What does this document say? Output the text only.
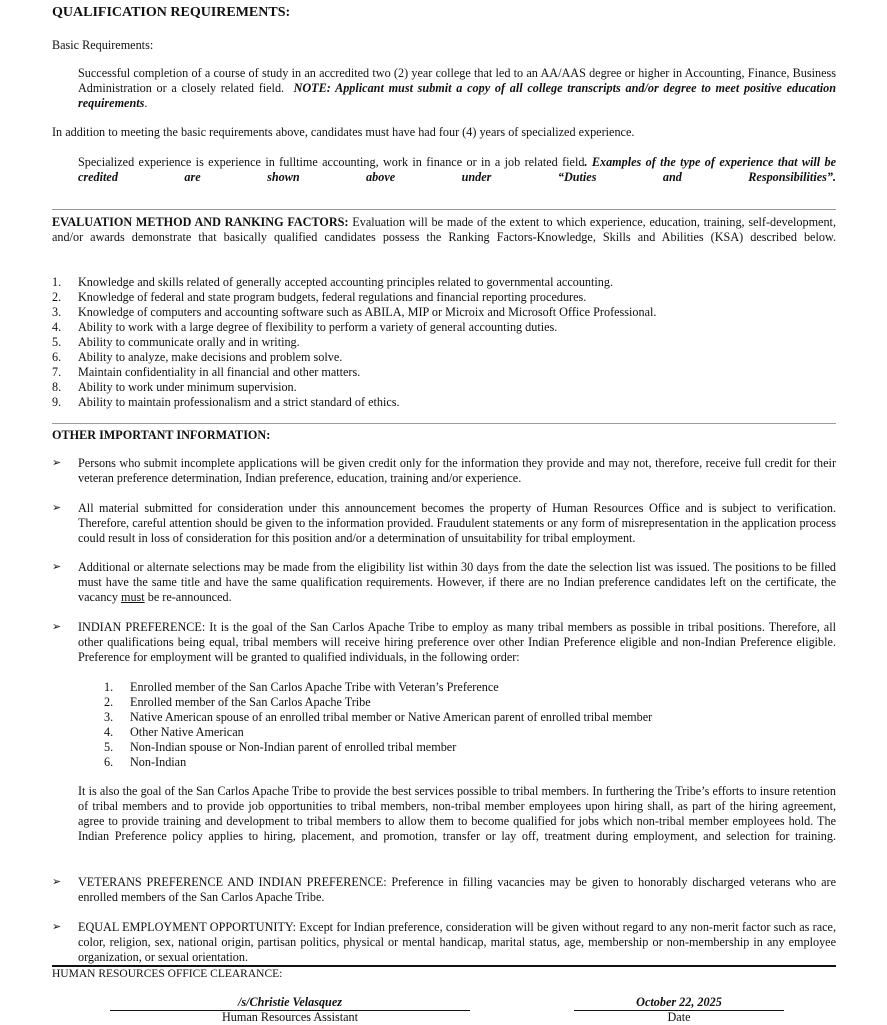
QUALIFICATION REQUIREMENTS:
Basic Requirements:
Successful completion of a course of study in an accredited two (2) year college that led to an AA/AAS degree or higher in Accounting, Finance, Business Administration or a closely related field. NOTE: Applicant must submit a copy of all college transcripts and/or degree to meet positive education requirements.
In addition to meeting the basic requirements above, candidates must have had four (4) years of specialized experience.
Specialized experience is experience in fulltime accounting, work in finance or in a job related field. Examples of the type of experience that will be credited are shown above under “Duties and Responsibilities”.
EVALUATION METHOD AND RANKING FACTORS: Evaluation will be made of the extent to which experience, education, training, self-development, and/or awards demonstrate that basically qualified candidates possess the Ranking Factors-Knowledge, Skills and Abilities (KSA) described below.
1. Knowledge and skills related of generally accepted accounting principles related to governmental accounting.
2. Knowledge of federal and state program budgets, federal regulations and financial reporting procedures.
3. Knowledge of computers and accounting software such as ABILA, MIP or Microix and Microsoft Office Professional.
4. Ability to work with a large degree of flexibility to perform a variety of general accounting duties.
5. Ability to communicate orally and in writing.
6. Ability to analyze, make decisions and problem solve.
7. Maintain confidentiality in all financial and other matters.
8. Ability to work under minimum supervision.
9. Ability to maintain professionalism and a strict standard of ethics.
OTHER IMPORTANT INFORMATION:
➢ Persons who submit incomplete applications will be given credit only for the information they provide and may not, therefore, receive full credit for their veteran preference determination, Indian preference, education, training and/or experience.
➢ All material submitted for consideration under this announcement becomes the property of Human Resources Office and is subject to verification. Therefore, careful attention should be given to the information provided. Fraudulent statements or any form of misrepresentation in the application process could result in loss of consideration for this position and/or a determination of unsuitability for tribal employment.
➢ Additional or alternate selections may be made from the eligibility list within 30 days from the date the selection list was issued. The positions to be filled must have the same title and have the same qualification requirements. However, if there are no Indian preference candidates left on the certificate, the vacancy must be re-announced.
➢ INDIAN PREFERENCE: It is the goal of the San Carlos Apache Tribe to employ as many tribal members as possible in tribal positions. Therefore, all other qualifications being equal, tribal members will receive hiring preference over other Indian Preference eligible and non-Indian Preference eligible. Preference for employment will be granted to qualified individuals, in the following order:
1. Enrolled member of the San Carlos Apache Tribe with Veteran’s Preference
2. Enrolled member of the San Carlos Apache Tribe
3. Native American spouse of an enrolled tribal member or Native American parent of enrolled tribal member
4. Other Native American
5. Non-Indian spouse or Non-Indian parent of enrolled tribal member
6. Non-Indian
It is also the goal of the San Carlos Apache Tribe to provide the best services possible to tribal members. In furthering the Tribe’s efforts to insure retention of tribal members and to provide job opportunities to tribal members, non-tribal member employees upon hiring shall, as part of the hiring agreement, agree to provide training and development to tribal members to allow them to become qualified for jobs which non-tribal member employees hold. The Indian Preference policy applies to hiring, placement, and promotion, transfer or lay off, treatment during employment, and selection for training.
➢ VETERANS PREFERENCE AND INDIAN PREFERENCE: Preference in filling vacancies may be given to honorably discharged veterans who are enrolled members of the San Carlos Apache Tribe.
➢ EQUAL EMPLOYMENT OPPORTUNITY: Except for Indian preference, consideration will be given without regard to any non-merit factor such as race, color, religion, sex, national origin, partisan politics, physical or mental handicap, marital status, age, membership or non-membership in any employee organization, or sexual orientation.
HUMAN RESOURCES OFFICE CLEARANCE:
/s/Christie Velasquez
Human Resources Assistant
October 22, 2025
Date
